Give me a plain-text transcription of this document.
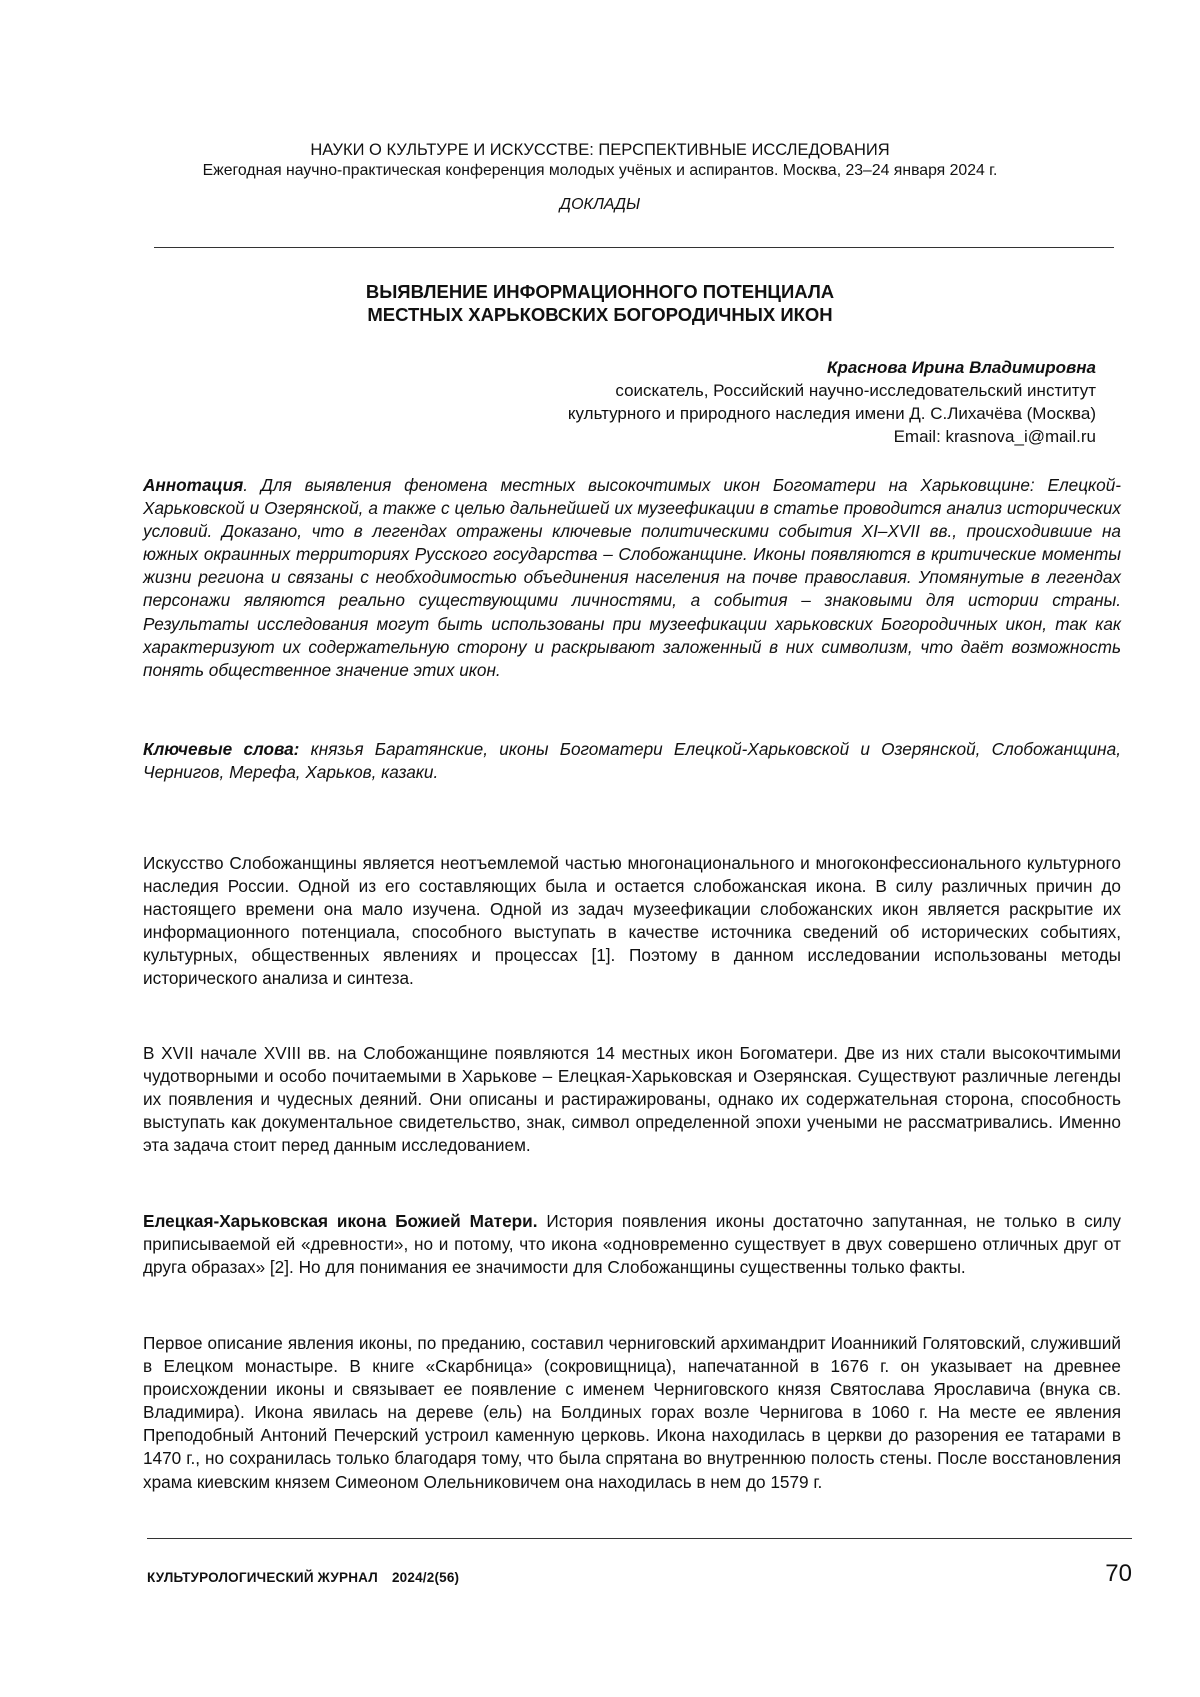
НАУКИ О КУЛЬТУРЕ И ИСКУССТВЕ: ПЕРСПЕКТИВНЫЕ ИССЛЕДОВАНИЯ
Ежегодная научно-практическая конференция молодых учёных и аспирантов. Москва, 23–24 января 2024 г.
ДОКЛАДЫ
ВЫЯВЛЕНИЕ ИНФОРМАЦИОННОГО ПОТЕНЦИАЛА
МЕСТНЫХ ХАРЬКОВСКИХ БОГОРОДИЧНЫХ ИКОН
Краснова Ирина Владимировна
соискатель, Российский научно-исследовательский институт
культурного и природного наследия имени Д. С.Лихачёва (Москва)
Email: krasnova_i@mail.ru
Аннотация. Для выявления феномена местных высокочтимых икон Богоматери на Харьковщине: Елецкой-Харьковской и Озерянской, а также с целью дальнейшей их музеефикации в статье проводится анализ исторических условий. Доказано, что в легендах отражены ключевые политическими события XI–XVII вв., происходившие на южных окраинных территориях Русского государства – Слобожанщине. Иконы появляются в критические моменты жизни региона и связаны с необходимостью объединения населения на почве православия. Упомянутые в легендах персонажи являются реально существующими личностями, а события – знаковыми для истории страны. Результаты исследования могут быть использованы при музеефикации харьковских Богородичных икон, так как характеризуют их содержательную сторону и раскрывают заложенный в них символизм, что даёт возможность понять общественное значение этих икон.
Ключевые слова: князья Баратянские, иконы Богоматери Елецкой-Харьковской и Озерянской, Слобожанщина, Чернигов, Мерефа, Харьков, казаки.
Искусство Слобожанщины является неотъемлемой частью многонационального и многоконфессионального культурного наследия России. Одной из его составляющих была и остается слобожанская икона. В силу различных причин до настоящего времени она мало изучена. Одной из задач музеефикации слобожанских икон является раскрытие их информационного потенциала, способного выступать в качестве источника сведений об исторических событиях, культурных, общественных явлениях и процессах [1]. Поэтому в данном исследовании использованы методы исторического анализа и синтеза.
В XVII начале XVIII вв. на Слобожанщине появляются 14 местных икон Богоматери. Две из них стали высокочтимыми чудотворными и особо почитаемыми в Харькове – Елецкая-Харьковская и Озерянская. Существуют различные легенды их появления и чудесных деяний. Они описаны и растиражированы, однако их содержательная сторона, способность выступать как документальное свидетельство, знак, символ определенной эпохи учеными не рассматривались. Именно эта задача стоит перед данным исследованием.
Елецкая-Харьковская икона Божией Матери. История появления иконы достаточно запутанная, не только в силу приписываемой ей «древности», но и потому, что икона «одновременно существует в двух совершено отличных друг от друга образах» [2]. Но для понимания ее значимости для Слобожанщины существенны только факты.
Первое описание явления иконы, по преданию, составил черниговский архимандрит Иоанникий Голятовский, служивший в Елецком монастыре. В книге «Скарбница» (сокровищница), напечатанной в 1676 г. он указывает на древнее происхождении иконы и связывает ее появление с именем Черниговского князя Святослава Ярославича (внука св. Владимира). Икона явилась на дереве (ель) на Болдиных горах возле Чернигова в 1060 г. На месте ее явления Преподобный Антоний Печерский устроил каменную церковь. Икона находилась в церкви до разорения ее татарами в 1470 г., но сохранилась только благодаря тому, что была спрятана во внутреннюю полость стены. После восстановления храма киевским князем Симеоном Олельниковичем она находилась в нем до 1579 г.
КУЛЬТУРОЛОГИЧЕСКИЙ ЖУРНАЛ 2024/2(56)	70
